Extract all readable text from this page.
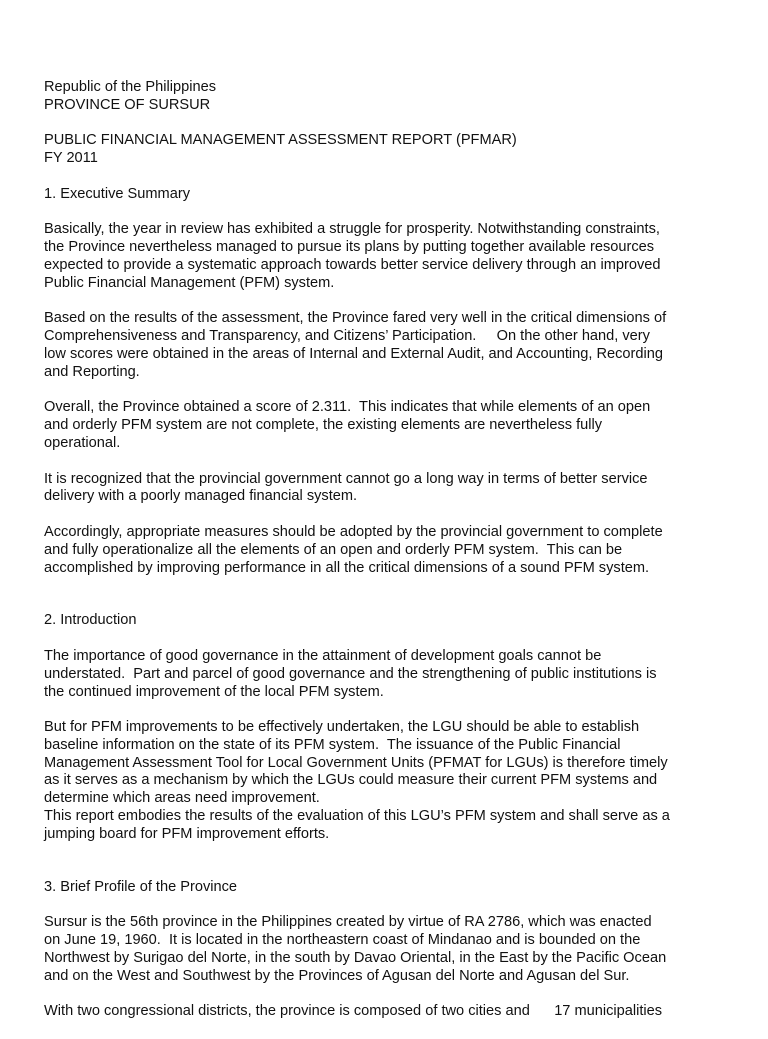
Republic of the Philippines
PROVINCE OF SURSUR
PUBLIC FINANCIAL MANAGEMENT ASSESSMENT REPORT (PFMAR)
FY 2011
1. Executive Summary
Basically, the year in review has exhibited a struggle for prosperity. Notwithstanding constraints,
the Province nevertheless managed to pursue its plans by putting together available resources
expected to provide a systematic approach towards better service delivery through an improved
Public Financial Management (PFM) system.
Based on the results of the assessment, the Province fared very well in the critical dimensions of
Comprehensiveness and Transparency, and Citizens’ Participation.     On the other hand, very
low scores were obtained in the areas of Internal and External Audit, and Accounting, Recording
and Reporting.
Overall, the Province obtained a score of 2.311.  This indicates that while elements of an open
and orderly PFM system are not complete, the existing elements are nevertheless fully
operational.
It is recognized that the provincial government cannot go a long way in terms of better service
delivery with a poorly managed financial system.
Accordingly, appropriate measures should be adopted by the provincial government to complete
and fully operationalize all the elements of an open and orderly PFM system.  This can be
accomplished by improving performance in all the critical dimensions of a sound PFM system.
2. Introduction
The importance of good governance in the attainment of development goals cannot be
understated.  Part and parcel of good governance and the strengthening of public institutions is
the continued improvement of the local PFM system.
But for PFM improvements to be effectively undertaken, the LGU should be able to establish
baseline information on the state of its PFM system.  The issuance of the Public Financial
Management Assessment Tool for Local Government Units (PFMAT for LGUs) is therefore timely
as it serves as a mechanism by which the LGUs could measure their current PFM systems and
determine which areas need improvement.
This report embodies the results of the evaluation of this LGU’s PFM system and shall serve as a
jumping board for PFM improvement efforts.
3. Brief Profile of the Province
Sursur is the 56th province in the Philippines created by virtue of RA 2786, which was enacted
on June 19, 1960.  It is located in the northeastern coast of Mindanao and is bounded on the
Northwest by Surigao del Norte, in the south by Davao Oriental, in the East by the Pacific Ocean
and on the West and Southwest by the Provinces of Agusan del Norte and Agusan del Sur.
With two congressional districts, the province is composed of two cities and      17 municipalities
